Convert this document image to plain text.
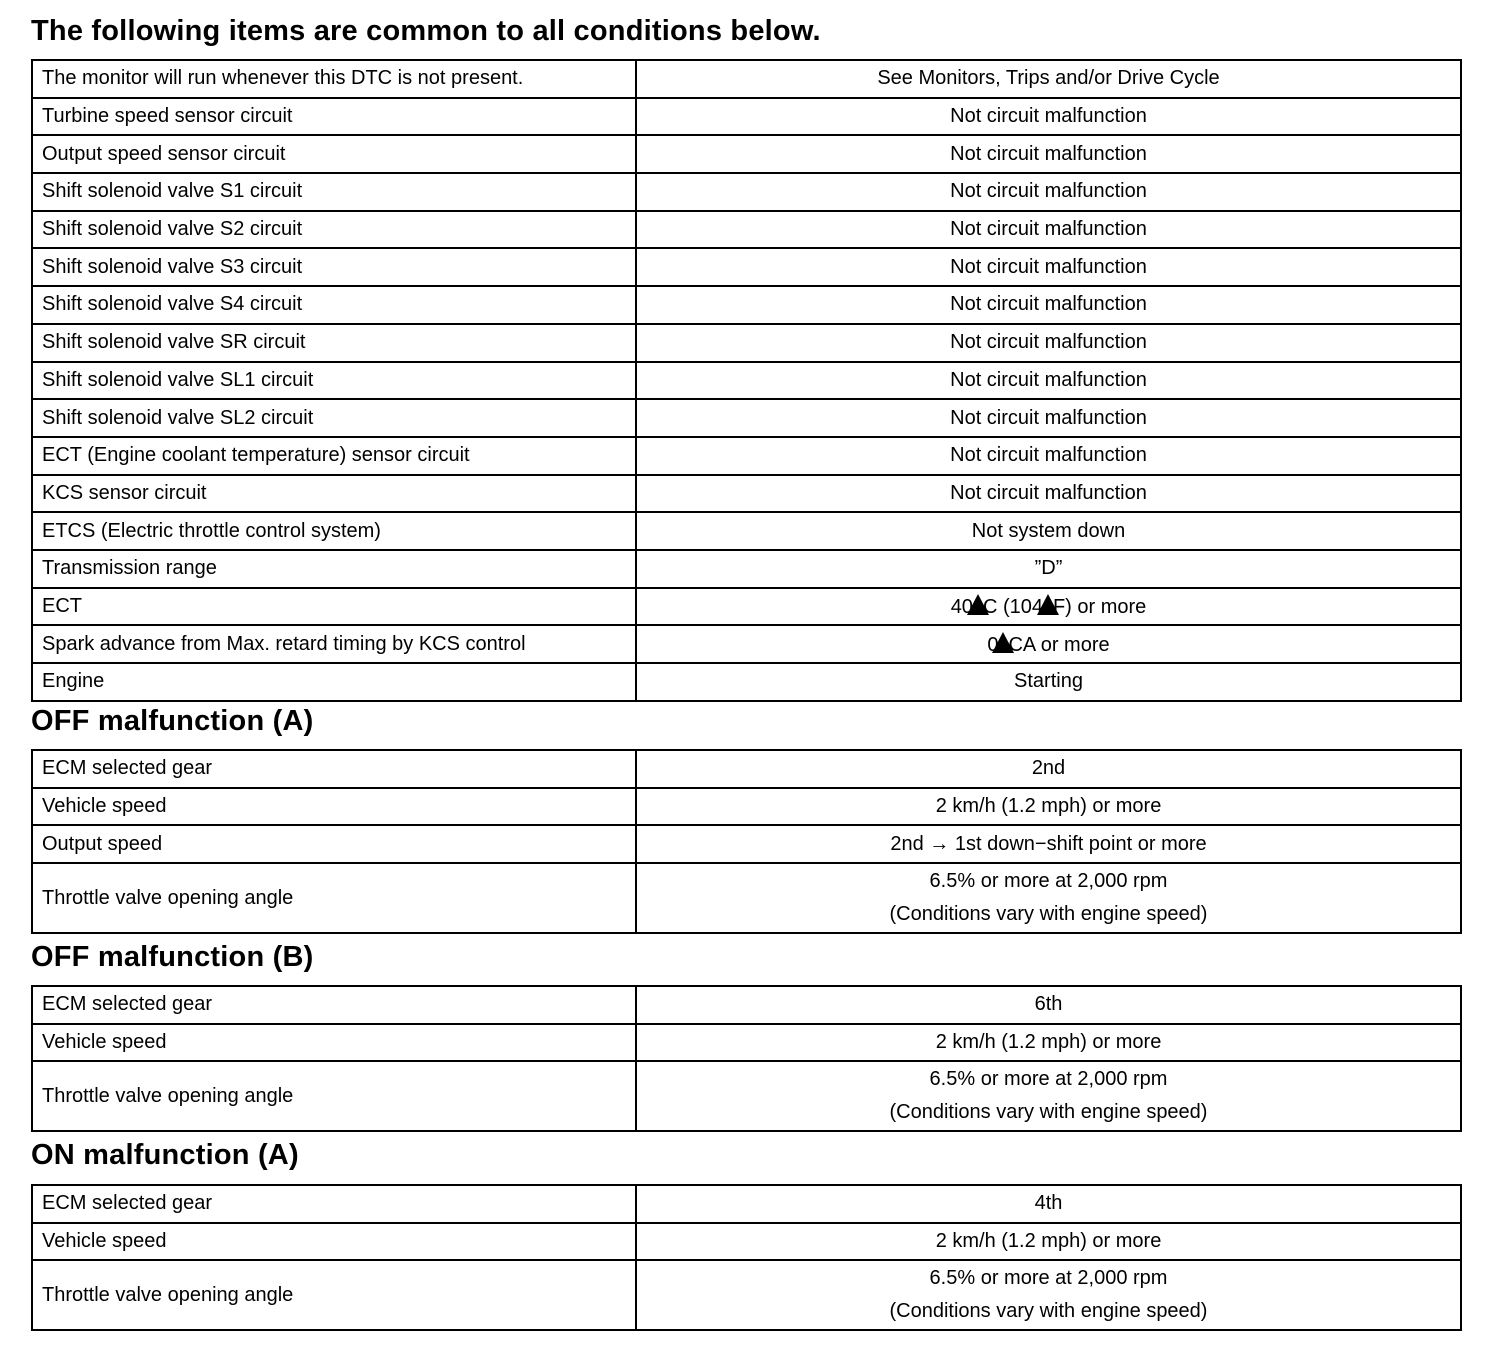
The following items are common to all conditions below.
The monitor will run whenever this DTC is not present.	See Monitors, Trips and/or Drive Cycle
Turbine speed sensor circuit	Not circuit malfunction
Output speed sensor circuit	Not circuit malfunction
Shift solenoid valve S1 circuit	Not circuit malfunction
Shift solenoid valve S2 circuit	Not circuit malfunction
Shift solenoid valve S3 circuit	Not circuit malfunction
Shift solenoid valve S4 circuit	Not circuit malfunction
Shift solenoid valve SR circuit	Not circuit malfunction
Shift solenoid valve SL1 circuit	Not circuit malfunction
Shift solenoid valve SL2 circuit	Not circuit malfunction
ECT (Engine coolant temperature) sensor circuit	Not circuit malfunction
KCS sensor circuit	Not circuit malfunction
ETCS (Electric throttle control system)	Not system down
Transmission range	”D”
ECT	40 C (104 F) or more
Spark advance from Max. retard timing by KCS control	0 CA or more
Engine	Starting
OFF malfunction (A)
ECM selected gear	2nd
Vehicle speed	2 km/h (1.2 mph) or more
Output speed	2nd → 1st down−shift point or more
Throttle valve opening angle	6.5% or more at 2,000 rpm
(Conditions vary with engine speed)
OFF malfunction (B)
ECM selected gear	6th
Vehicle speed	2 km/h (1.2 mph) or more
Throttle valve opening angle	6.5% or more at 2,000 rpm
(Conditions vary with engine speed)
ON malfunction (A)
ECM selected gear	4th
Vehicle speed	2 km/h (1.2 mph) or more
Throttle valve opening angle	6.5% or more at 2,000 rpm
(Conditions vary with engine speed)
